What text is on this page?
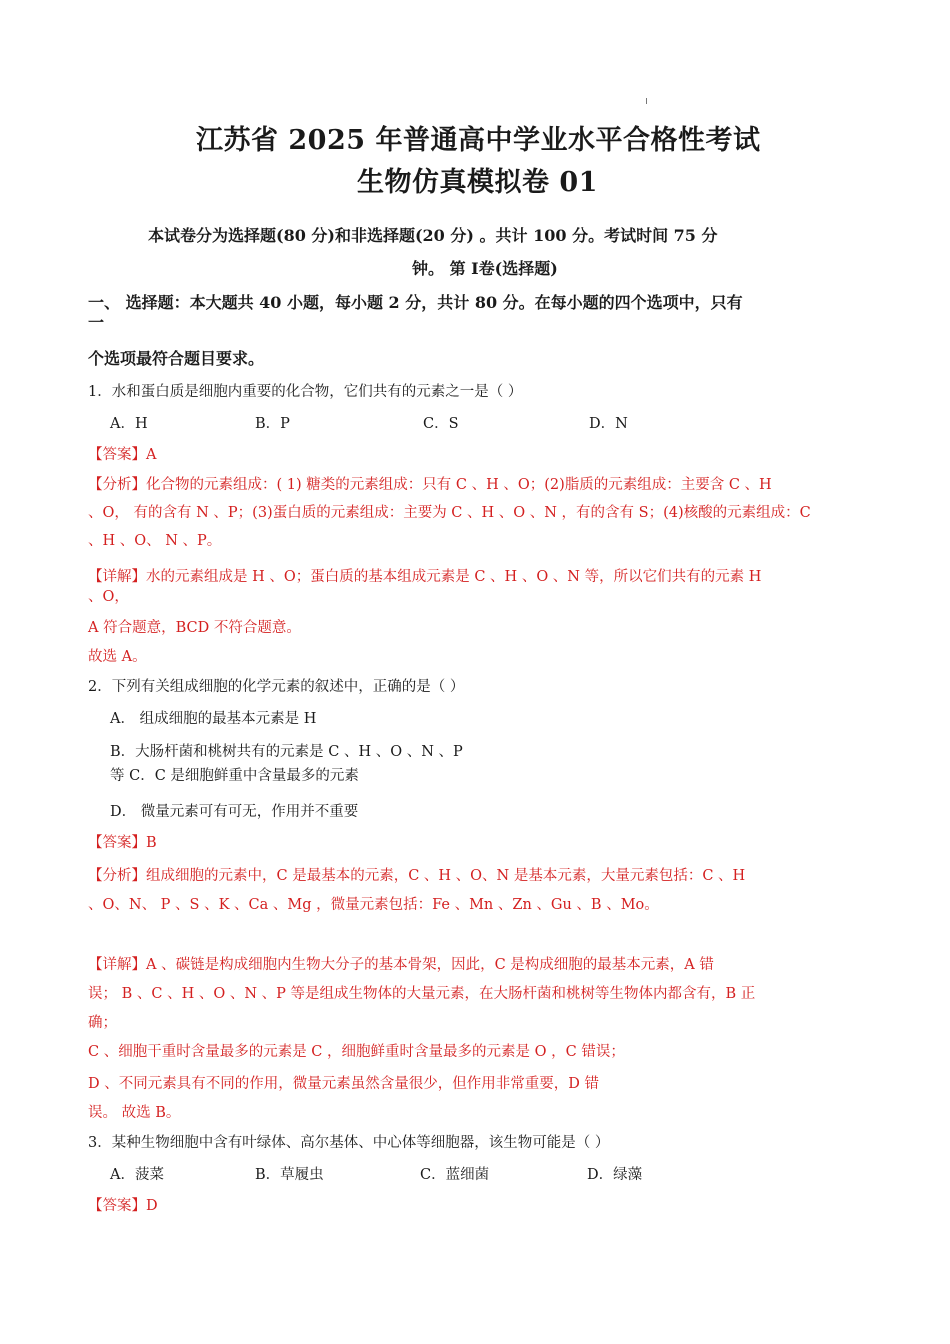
江苏省 2025 年普通高中学业水平合格性考试
生物仿真模拟卷 01
本试卷分为选择题(80 分)和非选择题(20 分) 。共计 100 分。考试时间 75 分
钟。 第 Ⅰ卷(选择题)
一、 选择题：本大题共 40 小题，每小题 2 分，共计 80 分。在每小题的四个选项中，只有
一
个选项最符合题目要求。
1．水和蛋白质是细胞内重要的化合物，它们共有的元素之一是（ ）
A．H	B．P	C．S	D．N
【答案】A
【分析】化合物的元素组成：( 1) 糖类的元素组成：只有 C 、H 、O；(2)脂质的元素组成：主要含 C 、H
、O， 有的含有 N 、P；(3)蛋白质的元素组成：主要为 C 、H 、O 、N ，有的含有 S；(4)核酸的元素组成：C
、H 、O、 N 、P。
【详解】水的元素组成是 H 、O；蛋白质的基本组成元素是 C 、H 、O 、N 等，所以它们共有的元素 H
、O，
A 符合题意，BCD 不符合题意。
故选 A。
2．下列有关组成细胞的化学元素的叙述中，正确的是（ ）
A． 组成细胞的最基本元素是 H
B．大肠杆菌和桃树共有的元素是 C 、H 、O 、N 、P
等 C．C 是细胞鲜重中含量最多的元素
D． 微量元素可有可无，作用并不重要
【答案】B
【分析】组成细胞的元素中，C 是最基本的元素，C 、H 、O、N 是基本元素，大量元素包括：C 、H
、O、N、 P 、S 、K 、Ca 、Mg ，微量元素包括：Fe 、Mn 、Zn 、Gu 、B 、Mo。
【详解】A 、碳链是构成细胞内生物大分子的基本骨架，因此，C 是构成细胞的最基本元素，A 错
误； B 、C 、H 、O 、N 、P 等是组成生物体的大量元素，在大肠杆菌和桃树等生物体内都含有，B 正
确；
C 、细胞干重时含量最多的元素是 C ，细胞鲜重时含量最多的元素是 O ，C 错误；
D 、不同元素具有不同的作用，微量元素虽然含量很少，但作用非常重要，D 错
误。 故选 B。
3．某种生物细胞中含有叶绿体、高尔基体、中心体等细胞器，该生物可能是（ ）
A．菠菜	B．草履虫	C．蓝细菌	D．绿藻
【答案】D
